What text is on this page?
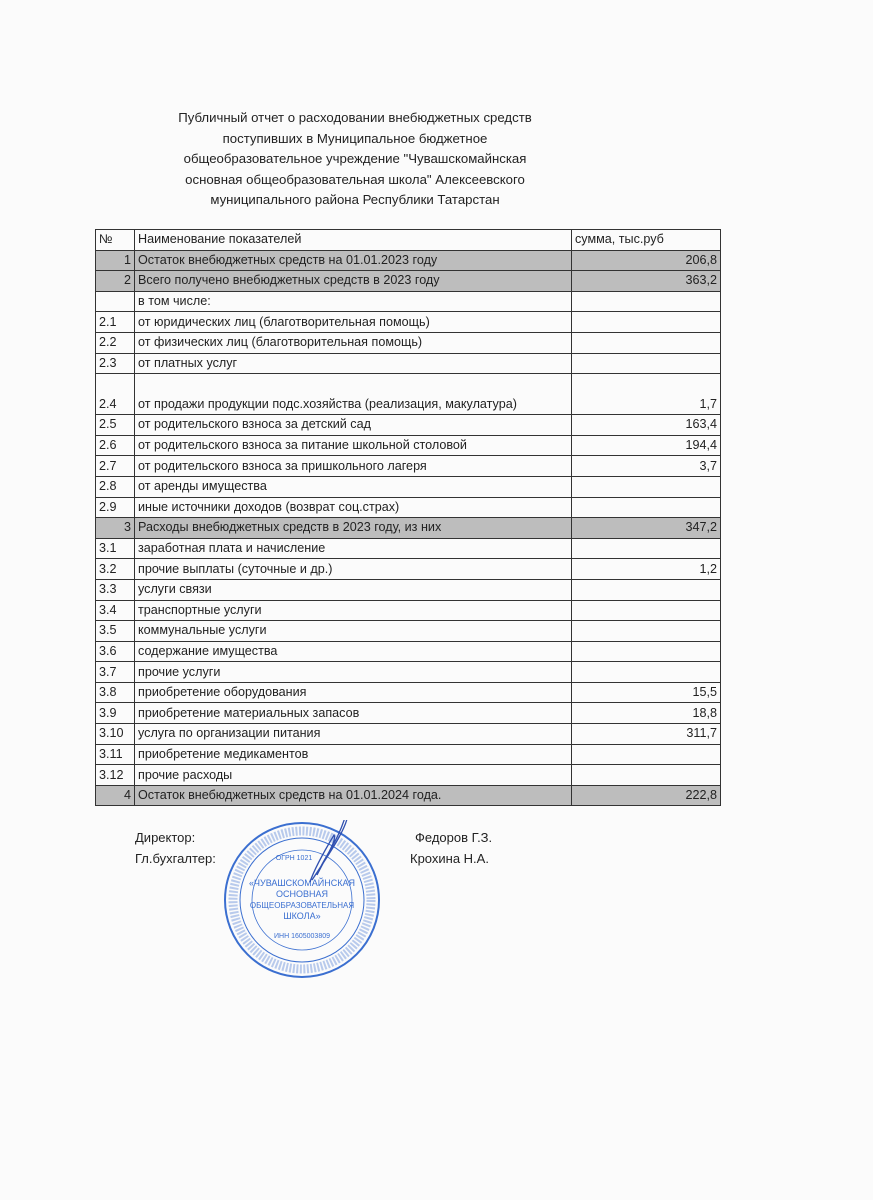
Публичный отчет о расходовании внебюджетных средств
поступивших в Муниципальное бюджетное
общеобразовательное учреждение "Чувашскомайнская
основная общеобразовательная школа" Алексеевского
муниципального района Республики Татарстан
№	Наименование показателей	сумма, тыс.руб
1	Остаток внебюджетных средств на 01.01.2023 году	206,8
2	Всего получено внебюджетных средств в 2023 году	363,2
	в том числе:	
2.1	от юридических лиц (благотворительная помощь)	
2.2	от физических лиц (благотворительная помощь)	
2.3	от платных услуг	
2.4	от продажи продукции подс.хозяйства (реализация, макулатура)	1,7
2.5	от родительского взноса за детский сад	163,4
2.6	от родительского взноса за питание школьной столовой	194,4
2.7	от родительского взноса за пришкольного лагеря	3,7
2.8	от аренды имущества	
2.9	иные источники доходов (возврат соц.страх)	
3	Расходы внебюджетных средств в 2023 году, из них	347,2
3.1	заработная плата и начисление	
3.2	прочие выплаты (суточные и др.)	1,2
3.3	услуги связи	
3.4	транспортные услуги	
3.5	коммунальные услуги	
3.6	содержание имущества	
3.7	прочие услуги	
3.8	приобретение оборудования	15,5
3.9	приобретение материальных запасов	18,8
3.10	услуга по организации питания	311,7
3.11	приобретение медикаментов	
3.12	прочие расходы	
4	Остаток внебюджетных средств на 01.01.2024 года.	222,8
Директор:
Гл.бухгалтер:
Федоров Г.З.
Крохина Н.А.
«ЧУВАШСКОМАЙНСКАЯ
ОСНОВНАЯ
ОБЩЕОБРАЗОВАТЕЛЬНАЯ
ШКОЛА»
ИНН 1605003809
ОГРН 1021
